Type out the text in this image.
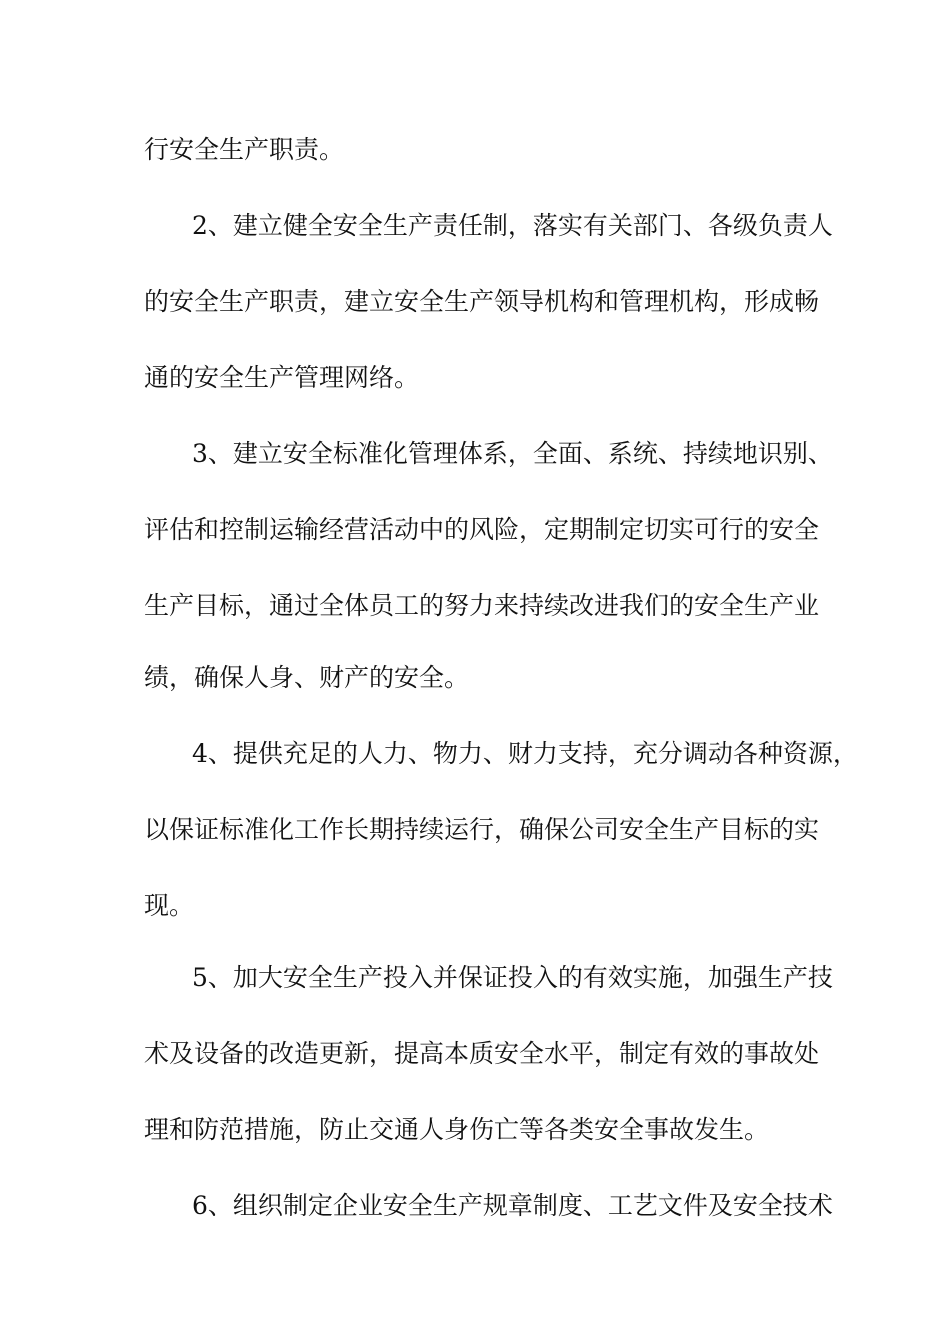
行安全生产职责。
2、建立健全安全生产责任制，落实有关部门、各级负责人
的安全生产职责，建立安全生产领导机构和管理机构，形成畅
通的安全生产管理网络。
3、建立安全标准化管理体系，全面、系统、持续地识别、
评估和控制运输经营活动中的风险，定期制定切实可行的安全
生产目标，通过全体员工的努力来持续改进我们的安全生产业
绩，确保人身、财产的安全。
4、提供充足的人力、物力、财力支持，充分调动各种资源，
以保证标准化工作长期持续运行，确保公司安全生产目标的实
现。
5、加大安全生产投入并保证投入的有效实施，加强生产技
术及设备的改造更新，提高本质安全水平，制定有效的事故处
理和防范措施，防止交通人身伤亡等各类安全事故发生。
6、组织制定企业安全生产规章制度、工艺文件及安全技术
